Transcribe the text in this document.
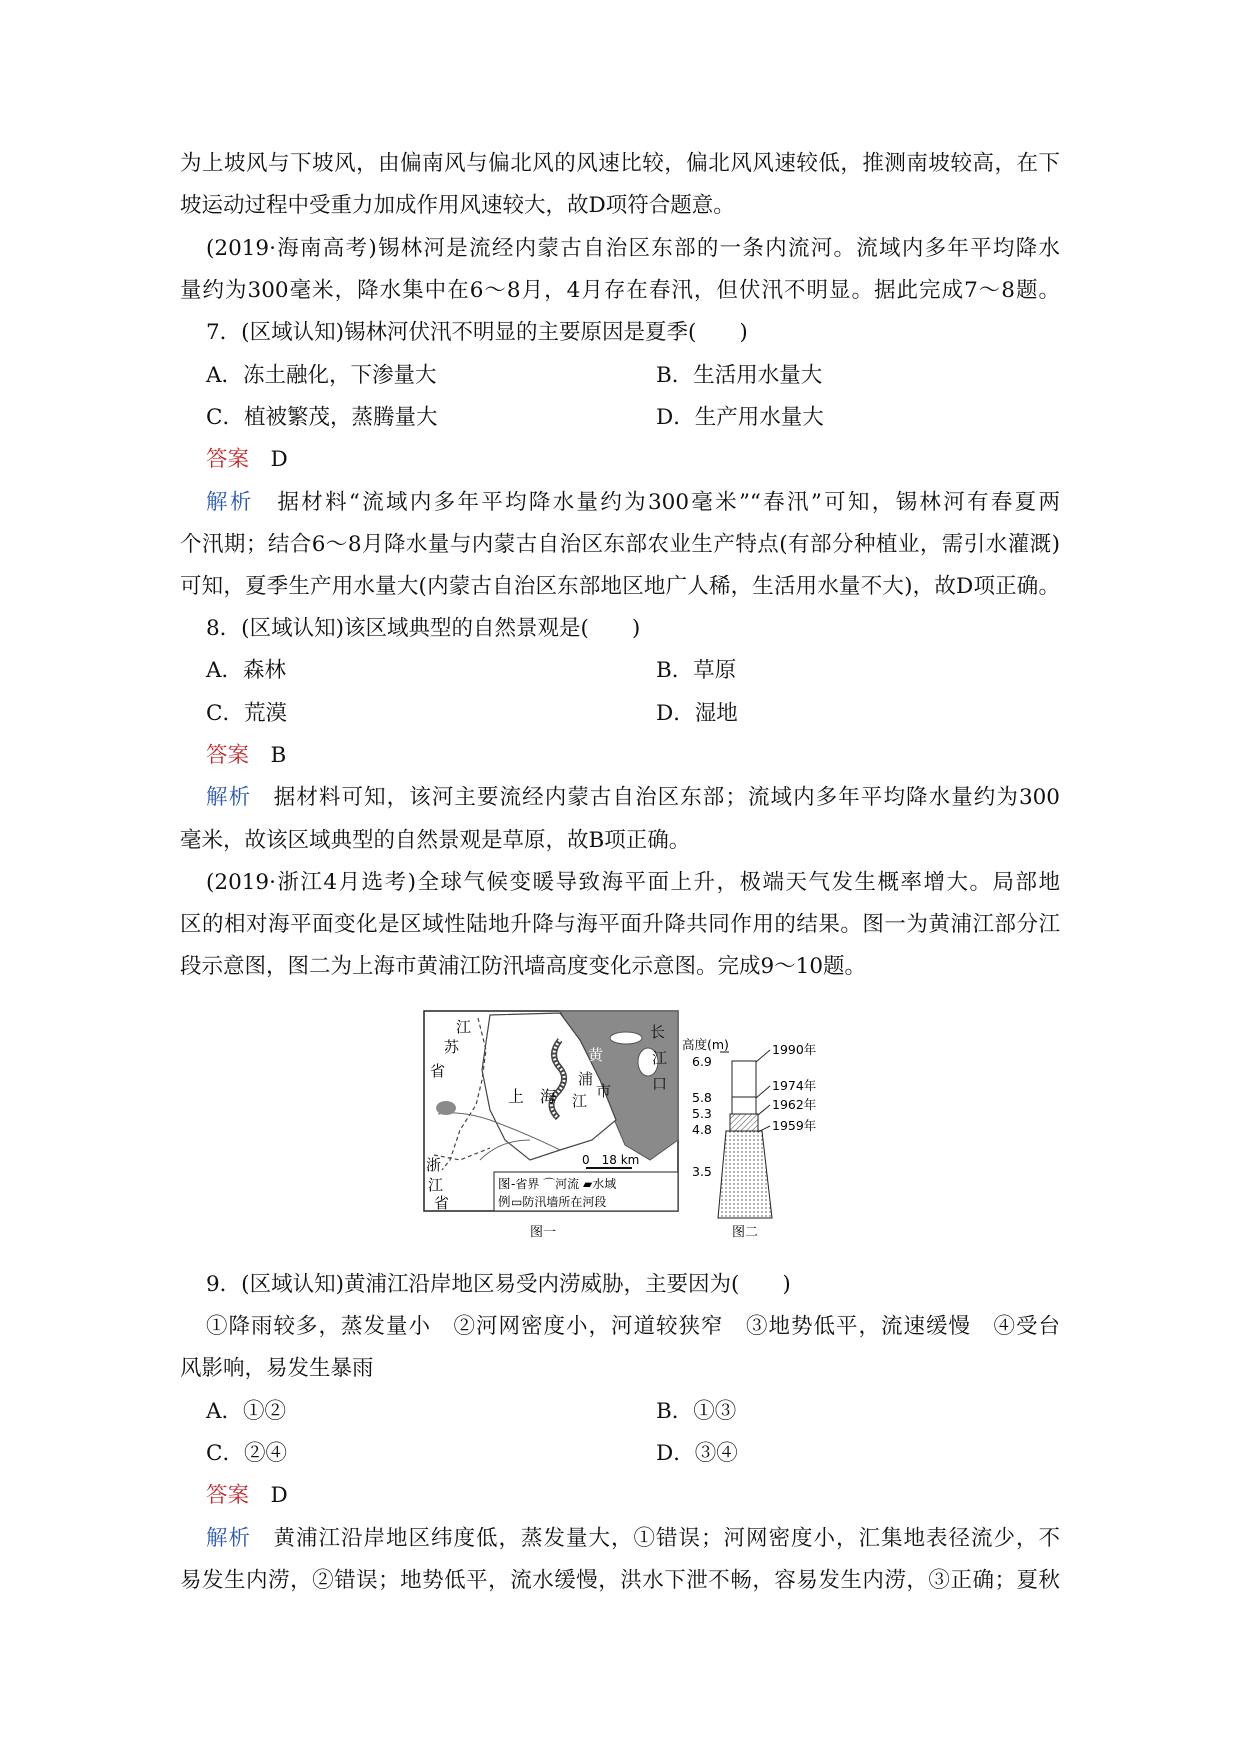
为上坡风与下坡风，由偏南风与偏北风的风速比较，偏北风风速较低，推测南坡较高，在下
坡运动过程中受重力加成作用风速较大，故D项符合题意。
(2019·海南高考)锡林河是流经内蒙古自治区东部的一条内流河。流域内多年平均降水
量约为300毫米，降水集中在6～8月，4月存在春汛，但伏汛不明显。据此完成7～8题。
7．(区域认知)锡林河伏汛不明显的主要原因是夏季(　　)
A．冻土融化，下渗量大	B．生活用水量大
C．植被繁茂，蒸腾量大	D．生产用水量大
答案　 D
解析　 据材料“流域内多年平均降水量约为300毫米”“春汛”可知，锡林河有春夏两
个汛期；结合6～8月降水量与内蒙古自治区东部农业生产特点(有部分种植业，需引水灌溉)
可知，夏季生产用水量大(内蒙古自治区东部地区地广人稀，生活用水量不大)，故D项正确。
8．(区域认知)该区域典型的自然景观是(　　)
A．森林	B．草原
C．荒漠	D．湿地
答案　 B
解析　 据材料可知，该河主要流经内蒙古自治区东部；流域内多年平均降水量约为300
毫米，故该区域典型的自然景观是草原，故B项正确。
(2019·浙江4月选考)全球气候变暖导致海平面上升，极端天气发生概率增大。局部地
区的相对海平面变化是区域性陆地升降与海平面升降共同作用的结果。图一为黄浦江部分江
段示意图，图二为上海市黄浦江防汛墙高度变化示意图。完成9～10题。
江
苏
省
浙
江
省
上 海
黄
浦
江
市
长
江
口
0　18 km
图
例
-省界 ⌒河流 ▰水域
▭防汛墙所在河段
图一
高度(m)
6.9
5.8
5.3
4.8
3.5
1990年
1974年
1962年
1959年
图二
9．(区域认知)黄浦江沿岸地区易受内涝威胁，主要因为(　　)
①降雨较多，蒸发量小　②河网密度小，河道较狭窄　③地势低平，流速缓慢　④受台
风影响，易发生暴雨
A．①②	B．①③
C．②④	D．③④
答案　 D
解析　 黄浦江沿岸地区纬度低，蒸发量大，①错误；河网密度小，汇集地表径流少，不
易发生内涝，②错误；地势低平，流水缓慢，洪水下泄不畅，容易发生内涝，③正确；夏秋
